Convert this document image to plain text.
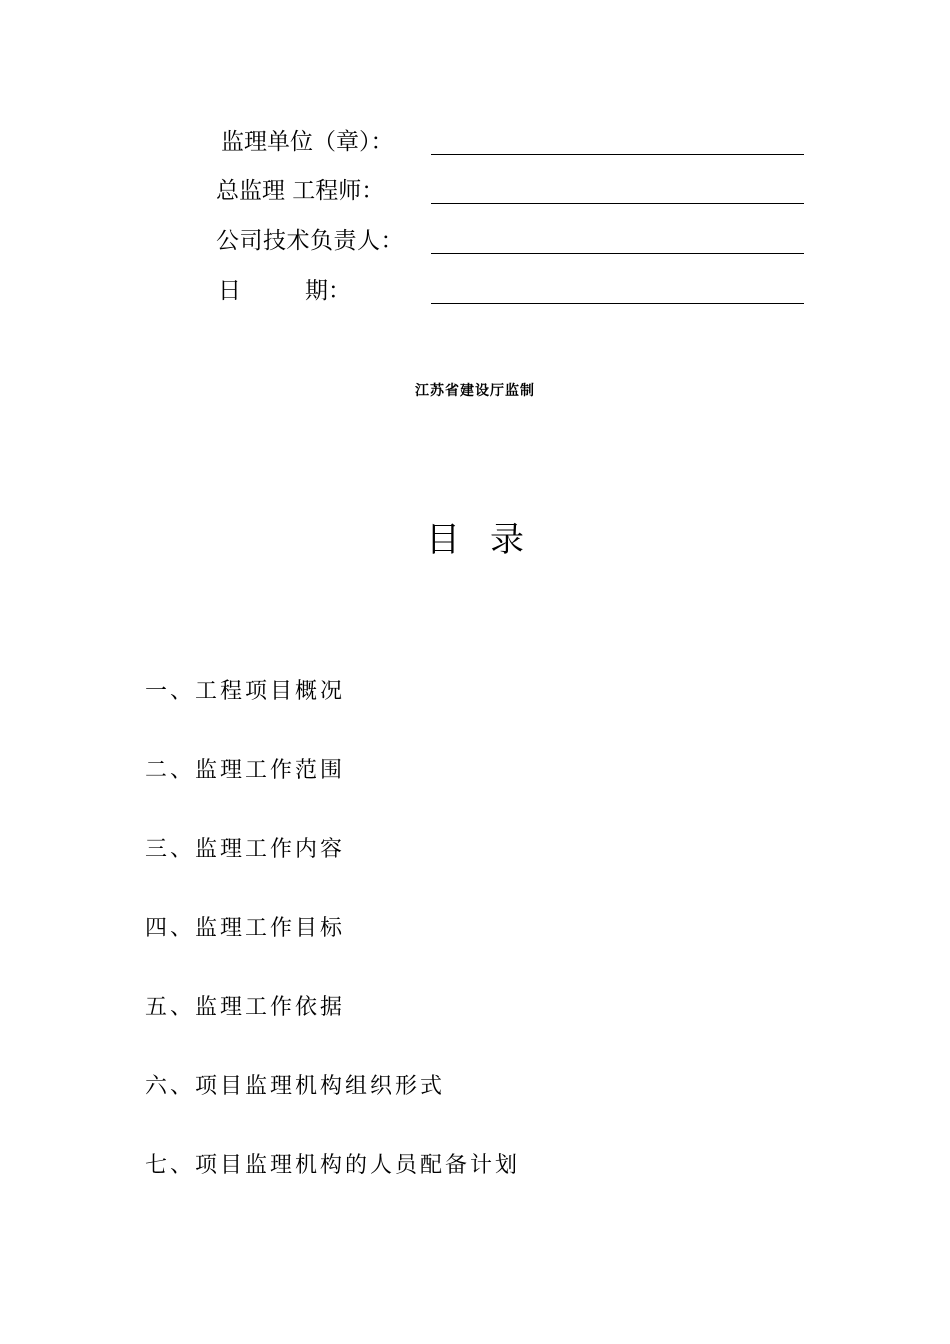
监理单位（章）：
总监理 工程师：
公司技术负责人：
日	期：
江苏省建设厅监制
目录
一、工程项目概况
二、监理工作范围
三、监理工作内容
四、监理工作目标
五、监理工作依据
六、项目监理机构组织形式
七、项目监理机构的人员配备计划
